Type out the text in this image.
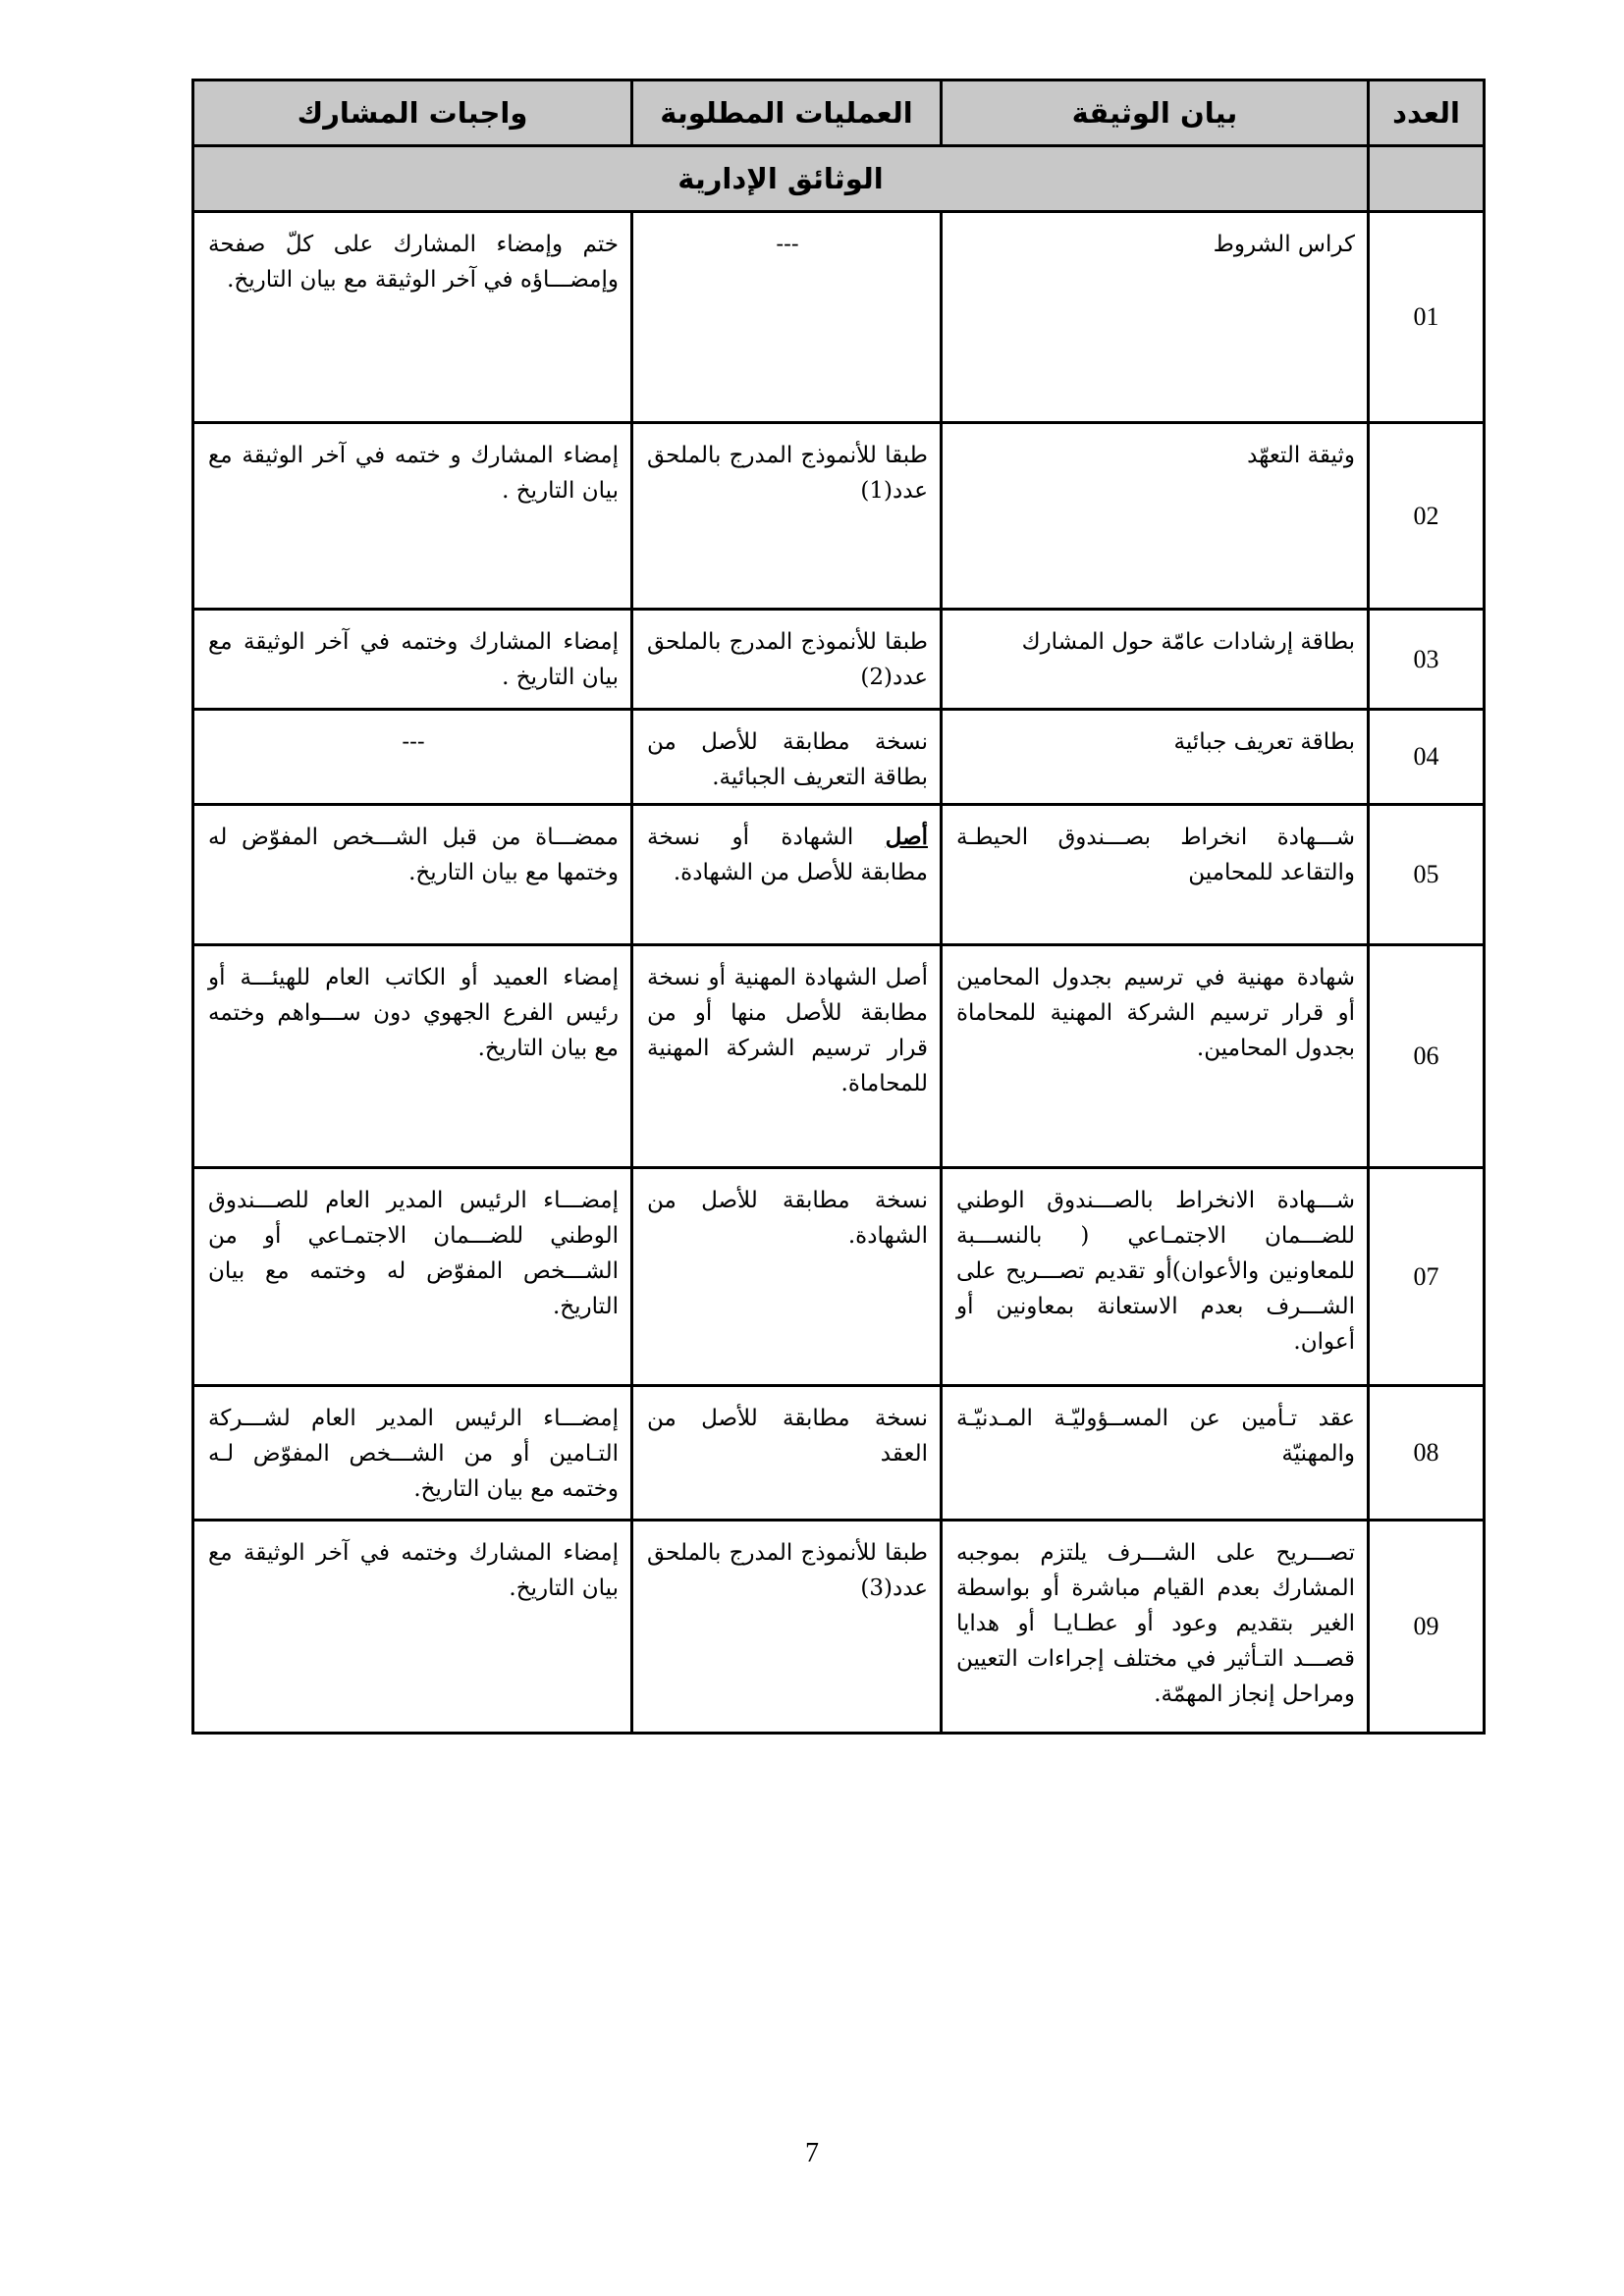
العدد	بيان الوثيقة	العمليات المطلوبة	واجبات المشارك
	الوثائق الإدارية		
01	كراس الشروط	---	ختم وإمضاء المشارك على كلّ صفحة وإمضـــاؤه في آخر الوثيقة مع بيان التاريخ.
02	وثيقة التعهّد	طبقا للأنموذج المدرج بالملحق عدد(1)	إمضاء المشارك و ختمه في آخر الوثيقة مع بيان التاريخ .
03	بطاقة إرشادات عامّة حول المشارك	طبقا للأنموذج المدرج بالملحق عدد(2)	إمضاء المشارك وختمه في آخر الوثيقة مع بيان التاريخ .
04	بطاقة تعريف جبائية	نسخة مطابقة للأصل من بطاقة التعريف الجبائية.	---
05	شـــهادة انخراط بصـــندوق الحيطـة والتقاعد للمحامين	أصل الشهادة أو نسخة مطابقة للأصل من الشهادة.	ممضـــاة من قبل الشـــخص المفوّض له وختمها مع بيان التاريخ.
06	شهادة مهنية في ترسيم بجدول المحامين أو قرار ترسيم الشركة المهنية للمحاماة بجدول المحامين.	أصل الشهادة المهنية أو نسخة مطابقة للأصل منها أو من قرار ترسيم الشركة المهنية للمحاماة.	إمضاء العميد أو الكاتب العام للهيئـــة أو رئيس الفرع الجهوي دون ســـواهم وختمه مع بيان التاريخ.
07	شـــهادة الانخراط بالصـــندوق الوطني للضـــمان الاجتمـاعي ( بالنســـبة للمعاونين والأعوان)أو تقديم تصـــريح على الشـــرف بعدم الاستعانة بمعاونين أو أعوان.	نسخة مطابقة للأصل من الشهادة.	إمضـــاء الرئيس المدير العام للصـــندوق الوطني للضـــمان الاجتمـاعي أو من الشـــخص المفوّض له وختمه مع بيان التاريخ.
08	عقد تـأمين عن المســؤوليّـة المـدنيّـة والمهنيّة	نسخة مطابقة للأصل من العقد	إمضـــاء الرئيس المدير العام لشـــركة التـامين أو من الشـــخص المفوّض لـه وختمه مع بيان التاريخ.
09	تصـــريح على الشـــرف يلتزم بموجبه المشارك بعدم القيام مباشرة أو بواسطة الغير بتقديم وعود أو عطـايـا أو هدايا قصـــد التـأثير في مختلف إجراءات التعيين ومراحل إنجاز المهمّة.	طبقا للأنموذج المدرج بالملحق عدد(3)	إمضاء المشارك وختمه في آخر الوثيقة مع بيان التاريخ.
7
